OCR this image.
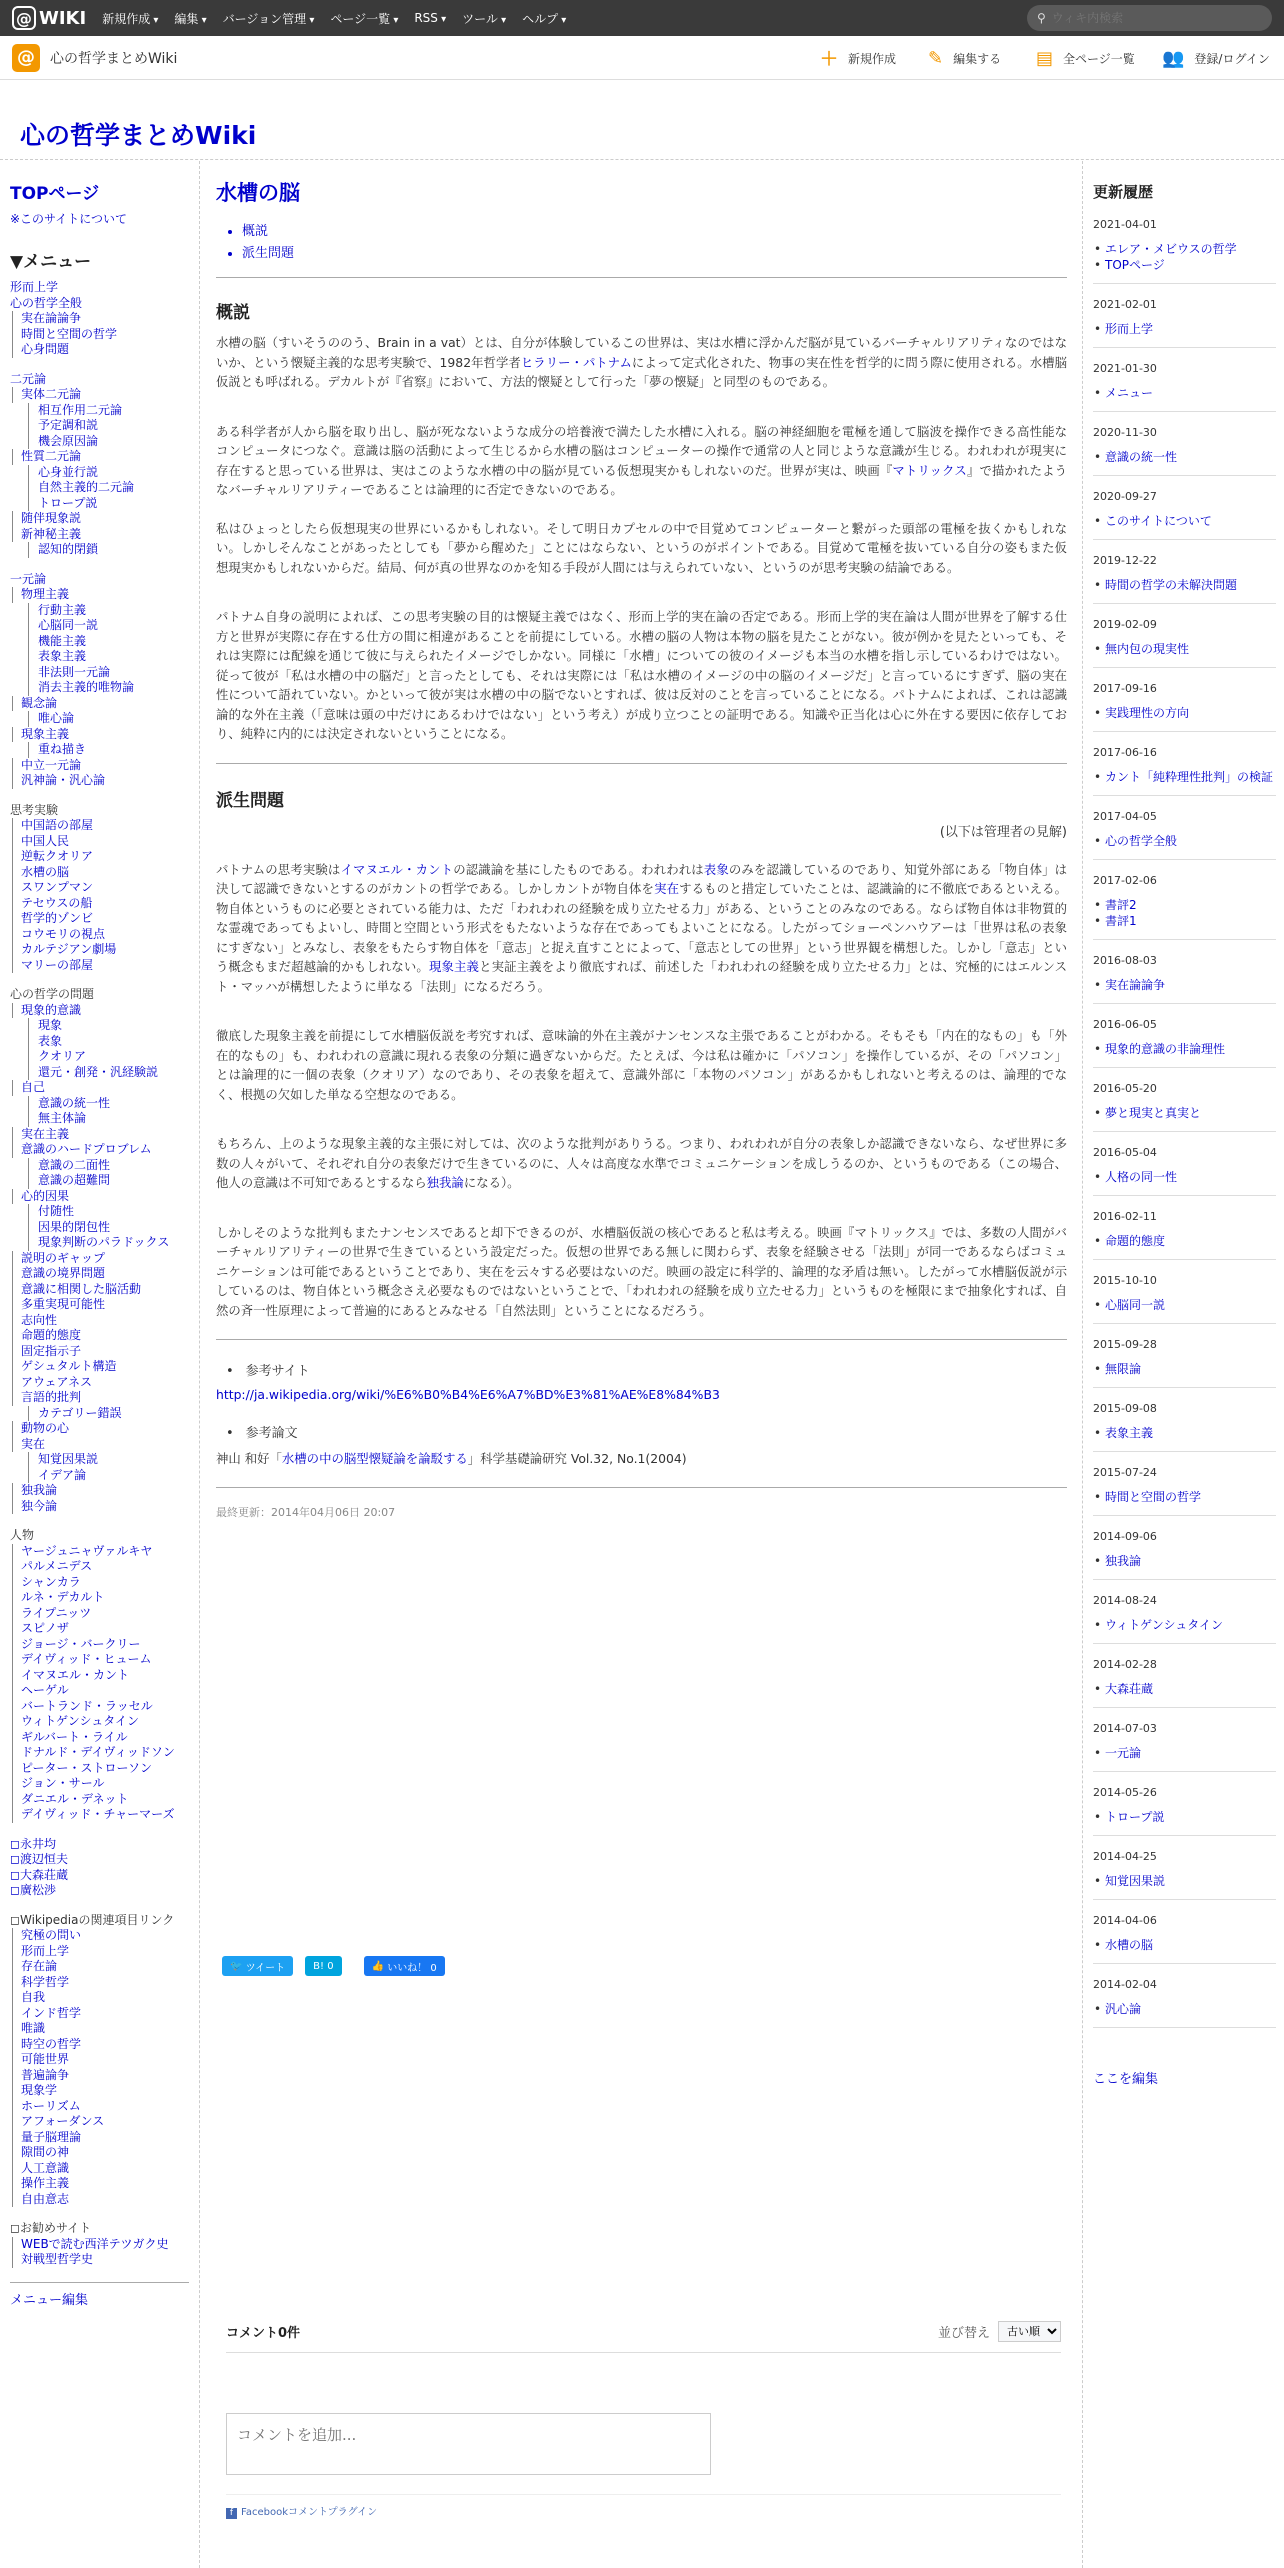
@ WIKI 新規作成 ▾	編集 ▾	バージョン管理 ▾	ページ一覧 ▾	RSS ▾	ツール ▾	ヘルプ ▾	⚲
ウィキ内検索
@	心の哲学まとめWiki	＋ 新規作成 ✎ 編集する ▤ 全ページ一覧 👥 登録/ログイン
心の哲学まとめWiki
TOPページ
※このサイトについて
▼メニュー
形而上学
心の哲学全般
実在論論争
時間と空間の哲学
心身問題
二元論
実体二元論
相互作用二元論
予定調和説
機会原因論
性質二元論
心身並行説
自然主義的二元論
トロープ説
随伴現象説
新神秘主義
認知的閉鎖
一元論
物理主義
行動主義
心脳同一説
機能主義
表象主義
非法則一元論
消去主義的唯物論
観念論
唯心論
現象主義
重ね描き
中立一元論
汎神論・汎心論
思考実験
中国語の部屋
中国人民
逆転クオリア
水槽の脳
スワンプマン
テセウスの船
哲学的ゾンビ
コウモリの視点
カルテジアン劇場
マリーの部屋
心の哲学の問題
現象的意識
現象
表象
クオリア
還元・創発・汎経験説
自己
意識の統一性
無主体論
実在主義
意識のハードプロブレム
意識の二面性
意識の超難問
心的因果
付随性
因果的閉包性
現象判断のパラドックス
説明のギャップ
意識の境界問題
意識に相関した脳活動
多重実現可能性
志向性
命題的態度
固定指示子
ゲシュタルト構造
アウェアネス
言語的批判
カテゴリー錯誤
動物の心
実在
知覚因果説
イデア論
独我論
独今論
人物
ヤージュニャヴァルキヤ
パルメニデス
シャンカラ
ルネ・デカルト
ライプニッツ
スピノザ
ジョージ・バークリー
デイヴィッド・ヒューム
イマヌエル・カント
ヘーゲル
バートランド・ラッセル
ウィトゲンシュタイン
ギルバート・ライル
ドナルド・デイヴィッドソン
ピーター・ストローソン
ジョン・サール
ダニエル・デネット
デイヴィッド・チャーマーズ
◻永井均
◻渡辺恒夫
◻大森荘蔵
◻廣松渉
◻Wikipediaの関連項目リンク
究極の問い
形而上学
存在論
科学哲学
自我
インド哲学
唯識
時空の哲学
可能世界
普遍論争
現象学
ホーリズム
アフォーダンス
量子脳理論
隙間の神
人工意識
操作主義
自由意志
◻お勧めサイト
WEBで読む西洋テツガク史
対戦型哲学史
メニュー編集
水槽の脳
• 概説
• 派生問題
概説

水槽の脳（すいそうののう、Brain in a vat）とは、自分が体験しているこの世界は、実は水槽に浮かんだ脳が見ているバーチャルリアリティなのではないか、という懐疑主義的な思考実験で、1982年哲学者ヒラリー・パトナムによって定式化された、物事の実在性を哲学的に問う際に使用される。水槽脳仮説とも呼ばれる。デカルトが『省察』において、方法的懐疑として行った「夢の懐疑」と同型のものである。

ある科学者が人から脳を取り出し、脳が死なないような成分の培養液で満たした水槽に入れる。脳の神経細胞を電極を通して脳波を操作できる高性能なコンピュータにつなぐ。意識は脳の活動によって生じるから水槽の脳はコンピューターの操作で通常の人と同じような意識が生じる。われわれが現実に存在すると思っている世界は、実はこのような水槽の中の脳が見ている仮想現実かもしれないのだ。世界が実は、映画『マトリックス』で描かれたようなバーチャルリアリティーであることは論理的に否定できないのである。

私はひょっとしたら仮想現実の世界にいるかもしれない。そして明日カプセルの中で目覚めてコンピューターと繋がった頭部の電極を抜くかもしれない。しかしそんなことがあったとしても「夢から醒めた」ことにはならない、というのがポイントである。目覚めて電極を抜いている自分の姿もまた仮想現実かもしれないからだ。結局、何が真の世界なのかを知る手段が人間には与えられていない、というのが思考実験の結論である。

パトナム自身の説明によれば、この思考実験の目的は懐疑主義ではなく、形而上学的実在論の否定である。形而上学的実在論は人間が世界を了解する仕方と世界が実際に存在する仕方の間に相違があることを前提にしている。水槽の脳の人物は本物の脳を見たことがない。彼が例かを見たといっても、それは実際には配線を通じて彼に与えられたイメージでしかない。同様に「水槽」についての彼のイメージも本当の水槽を指し示しているわけではない。従って彼が「私は水槽の中の脳だ」と言ったとしても、それは実際には「私は水槽のイメージの中の脳のイメージだ」と言っているにすぎず、脳の実在性について語れていない。かといって彼が実は水槽の中の脳でないとすれば、彼は反対のことを言っていることになる。パトナムによれば、これは認識論的な外在主義（「意味は頭の中だけにあるわけではない」という考え）が成り立つことの証明である。知識や正当化は心に外在する要因に依存しており、純粋に内的には決定されないということになる。

派生問題
(以下は管理者の見解)

パトナムの思考実験はイマヌエル・カントの認識論を基にしたものである。われわれは表象のみを認識しているのであり、知覚外部にある「物自体」は決して認識できないとするのがカントの哲学である。しかしカントが物自体を実在するものと措定していたことは、認識論的に不徹底であるといえる。物自体というものに必要とされている能力は、ただ「われわれの経験を成り立たせる力」がある、ということのみなのである。ならば物自体は非物質的な霊魂であってもよいし、時間と空間という形式をもたないような存在であってもよいことになる。したがってショーペンハウアーは「世界は私の表象にすぎない」とみなし、表象をもたらす物自体を「意志」と捉え直すことによって、「意志としての世界」という世界観を構想した。しかし「意志」という概念もまだ超越論的かもしれない。現象主義と実証主義をより徹底すれば、前述した「われわれの経験を成り立たせる力」とは、究極的にはエルンスト・マッハが構想したように単なる「法則」になるだろう。

徹底した現象主義を前提にして水槽脳仮説を考究すれば、意味論的外在主義がナンセンスな主張であることがわかる。そもそも「内在的なもの」も「外在的なもの」も、われわれの意識に現れる表象の分類に過ぎないからだ。たとえば、今は私は確かに「パソコン」を操作しているが、その「パソコン」とは論理的に一個の表象（クオリア）なのであり、その表象を超えて、意識外部に「本物のパソコン」があるかもしれないと考えるのは、論理的でなく、根拠の欠如した単なる空想なのである。

もちろん、上のような現象主義的な主張に対しては、次のような批判がありうる。つまり、われわれが自分の表象しか認識できないなら、なぜ世界に多数の人々がいて、それぞれ自分の表象だけで生きているのに、人々は高度な水準でコミュニケーションを成しうるのか、というものである（この場合、他人の意識は不可知であるとするなら独我論になる）。

しかしそのような批判もまたナンセンスであると却下できるのが、水槽脳仮説の核心であると私は考える。映画『マトリックス』では、多数の人間がバーチャルリアリティーの世界で生きているという設定だった。仮想の世界である無しに関わらず、表象を経験させる「法則」が同一であるならばコミュニケーションは可能であるということであり、実在を云々する必要はないのだ。映画の設定に科学的、論理的な矛盾は無い。したがって水槽脳仮説が示しているのは、物自体という概念さえ必要なものではないということで、「われわれの経験を成り立たせる力」というものを極限にまで抽象化すれば、自然の斉一性原理によって普遍的にあるとみなせる「自然法則」ということになるだろう。

• 参考サイト
http://ja.wikipedia.org/wiki/%E6%B0%B4%E6%A7%BD%E3%81%AE%E8%84%B3
• 参考論文
神山 和好「水槽の中の脳型懐疑論を論駁する」科学基礎論研究 Vol.32, No.1(2004)
最終更新：2014年04月06日 20:07
🐦 ツイート	B! 0	👍 いいね！ 0
コメント0件	並び替え
古い順
コメントを追加...
f Facebookコメントプラグイン
更新履歴
2021-04-01
• エレア・メビウスの哲学
• TOPページ
2021-02-01
• 形而上学
2021-01-30
• メニュー
2020-11-30
• 意識の統一性
2020-09-27
• このサイトについて
2019-12-22
• 時間の哲学の未解決問題
2019-02-09
• 無内包の現実性
2017-09-16
• 実践理性の方向
2017-06-16
• カント「純粋理性批判」の検証
2017-04-05
• 心の哲学全般
2017-02-06
• 書評2
• 書評1
2016-08-03
• 実在論論争
2016-06-05
• 現象的意識の非論理性
2016-05-20
• 夢と現実と真実と
2016-05-04
• 人格の同一性
2016-02-11
• 命題的態度
2015-10-10
• 心脳同一説
2015-09-28
• 無限論
2015-09-08
• 表象主義
2015-07-24
• 時間と空間の哲学
2014-09-06
• 独我論
2014-08-24
• ウィトゲンシュタイン
2014-02-28
• 大森荘蔵
2014-07-03
• 一元論
2014-05-26
• トロープ説
2014-04-25
• 知覚因果説
2014-04-06
• 水槽の脳
2014-02-04
• 汎心論
ここを編集
